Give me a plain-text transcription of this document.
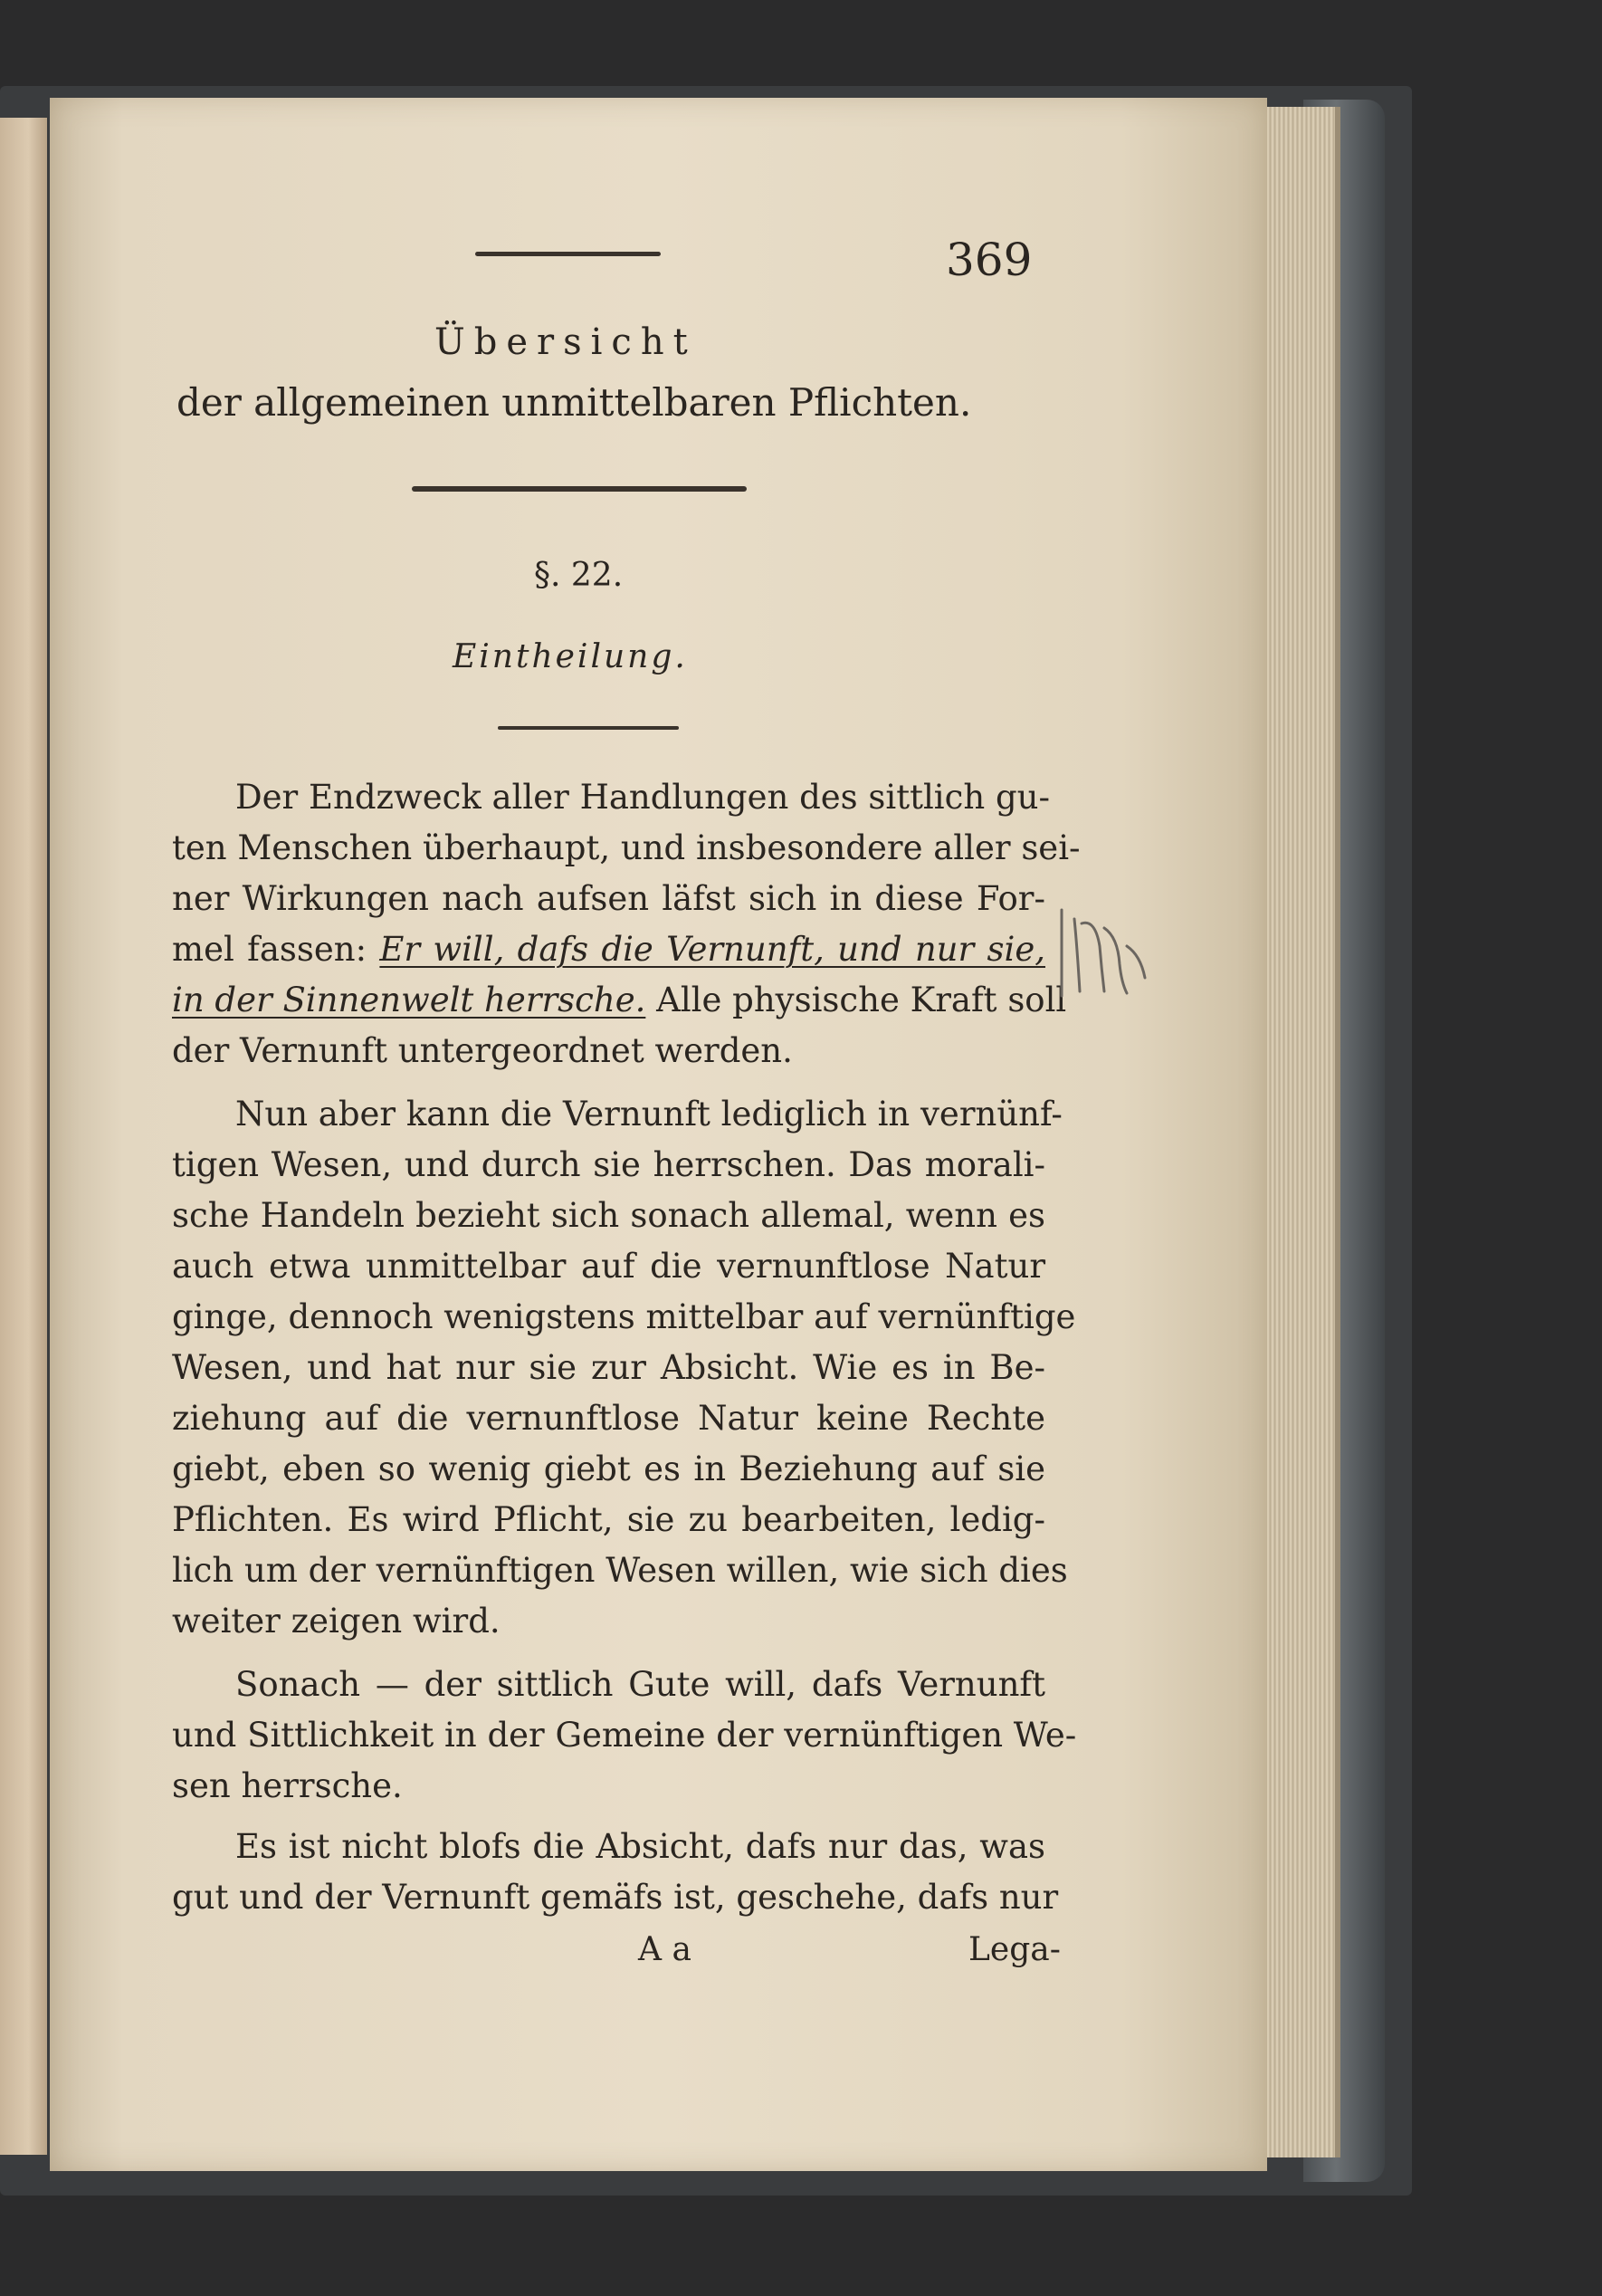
369
Übersicht
der allgemeinen unmittelbaren Pflichten.
§. 22.
Eintheilung.
Der Endzweck aller Handlungen des sittlich gu-
ten Menschen überhaupt, und insbesondere aller sei-
ner Wirkungen nach aufsen läfst sich in diese For-
mel fassen: Er will, dafs die Vernunft, und nur sie,
in der Sinnenwelt herrsche. Alle physische Kraft soll
der Vernunft untergeordnet werden.
Nun aber kann die Vernunft lediglich in vernünf-
tigen Wesen, und durch sie herrschen. Das morali-
sche Handeln bezieht sich sonach allemal, wenn es
auch etwa unmittelbar auf die vernunftlose Natur
ginge, dennoch wenigstens mittelbar auf vernünftige
Wesen, und hat nur sie zur Absicht. Wie es in Be-
ziehung auf die vernunftlose Natur keine Rechte
giebt, eben so wenig giebt es in Beziehung auf sie
Pflichten. Es wird Pflicht, sie zu bearbeiten, ledig-
lich um der vernünftigen Wesen willen, wie sich dies
weiter zeigen wird.
Sonach — der sittlich Gute will, dafs Vernunft
und Sittlichkeit in der Gemeine der vernünftigen We-
sen herrsche.
Es ist nicht blofs die Absicht, dafs nur das, was
gut und der Vernunft gemäfs ist, geschehe, dafs nur
A a	Lega-
